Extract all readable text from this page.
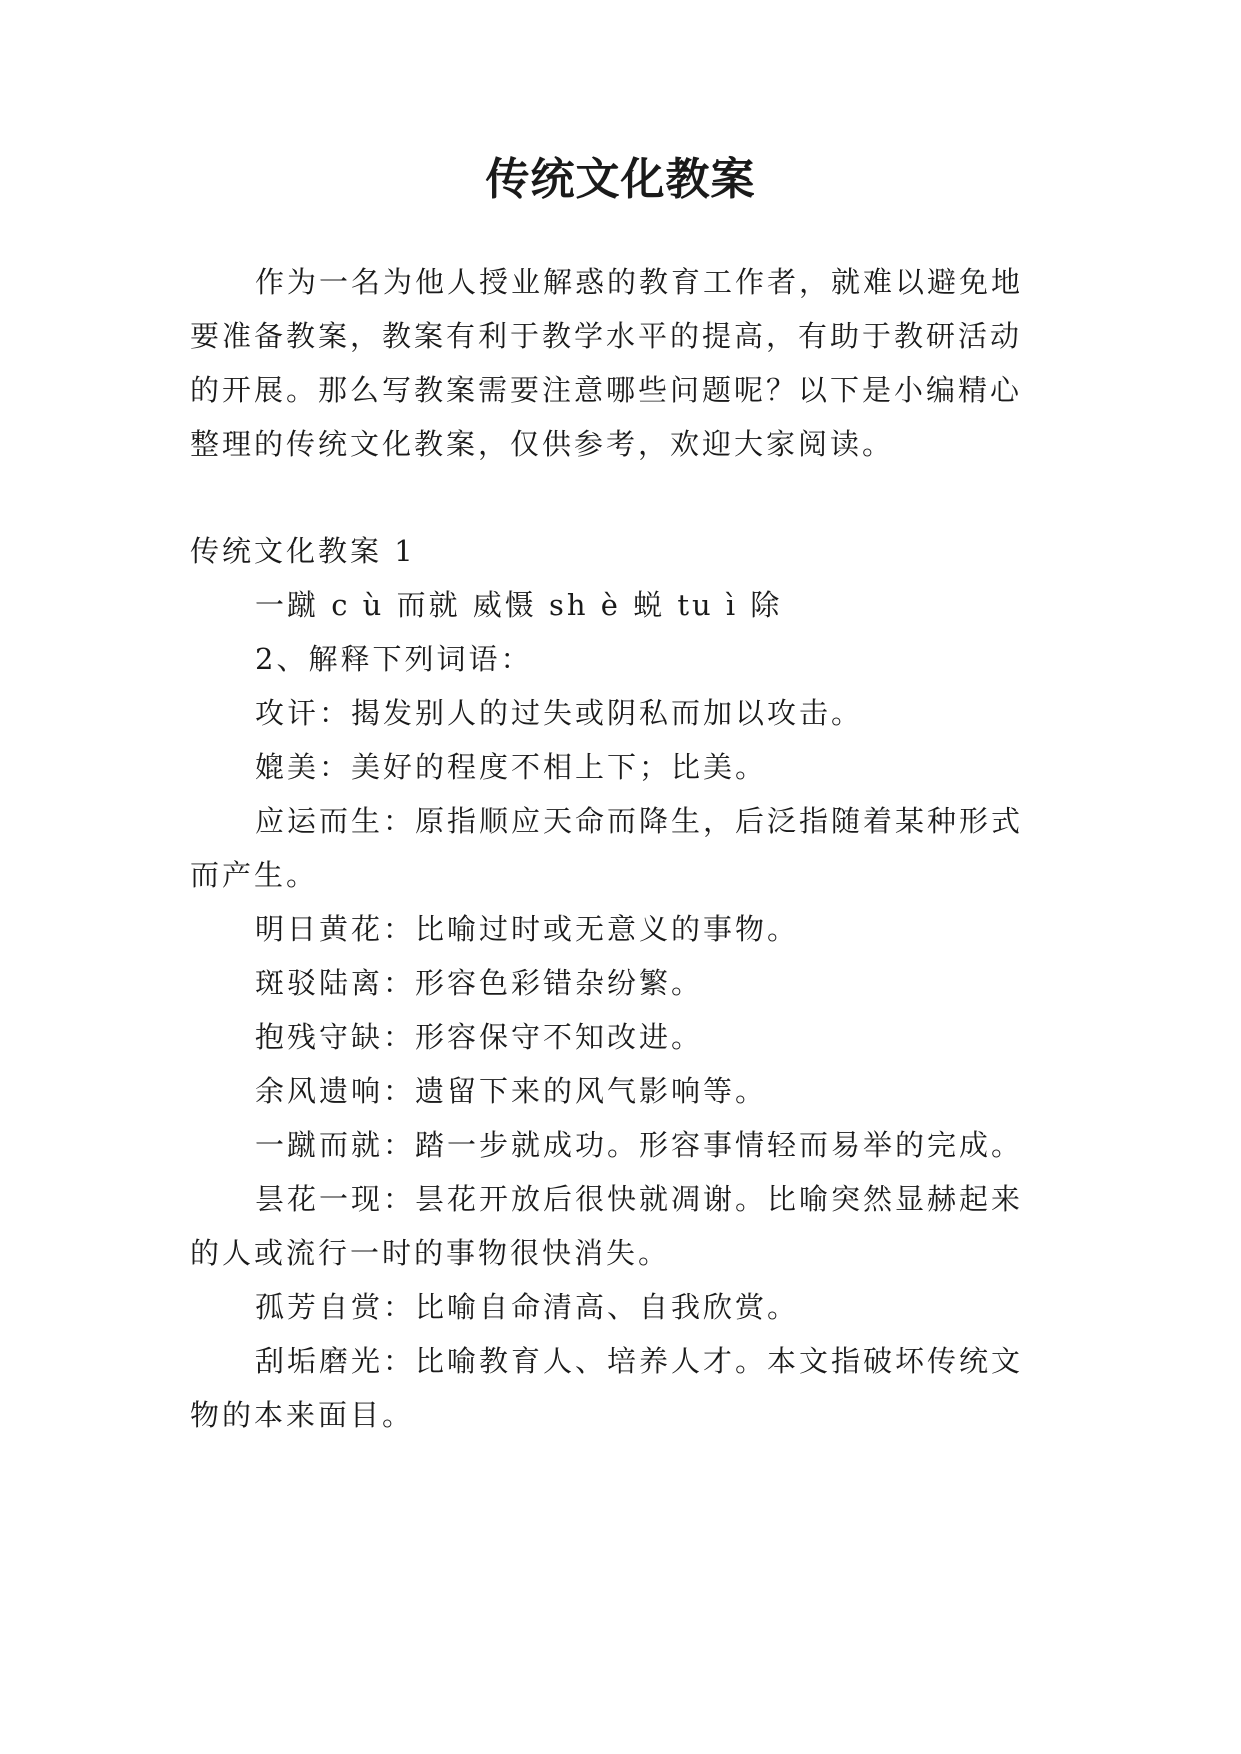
传统文化教案
作为一名为他人授业解惑的教育工作者，就难以避免地
要准备教案，教案有利于教学水平的提高，有助于教研活动
的开展。那么写教案需要注意哪些问题呢？以下是小编精心
整理的传统文化教案，仅供参考，欢迎大家阅读。
传统文化教案 1
一蹴 c ù 而就 威慑 sh è 蜕 tu ì 除
2、解释下列词语：
攻讦：揭发别人的过失或阴私而加以攻击。
媲美：美好的程度不相上下；比美。
应运而生：原指顺应天命而降生，后泛指随着某种形式
而产生。
明日黄花：比喻过时或无意义的事物。
斑驳陆离：形容色彩错杂纷繁。
抱残守缺：形容保守不知改进。
余风遗响：遗留下来的风气影响等。
一蹴而就：踏一步就成功。形容事情轻而易举的完成。
昙花一现：昙花开放后很快就凋谢。比喻突然显赫起来
的人或流行一时的事物很快消失。
孤芳自赏：比喻自命清高、自我欣赏。
刮垢磨光：比喻教育人、培养人才。本文指破坏传统文
物的本来面目。
